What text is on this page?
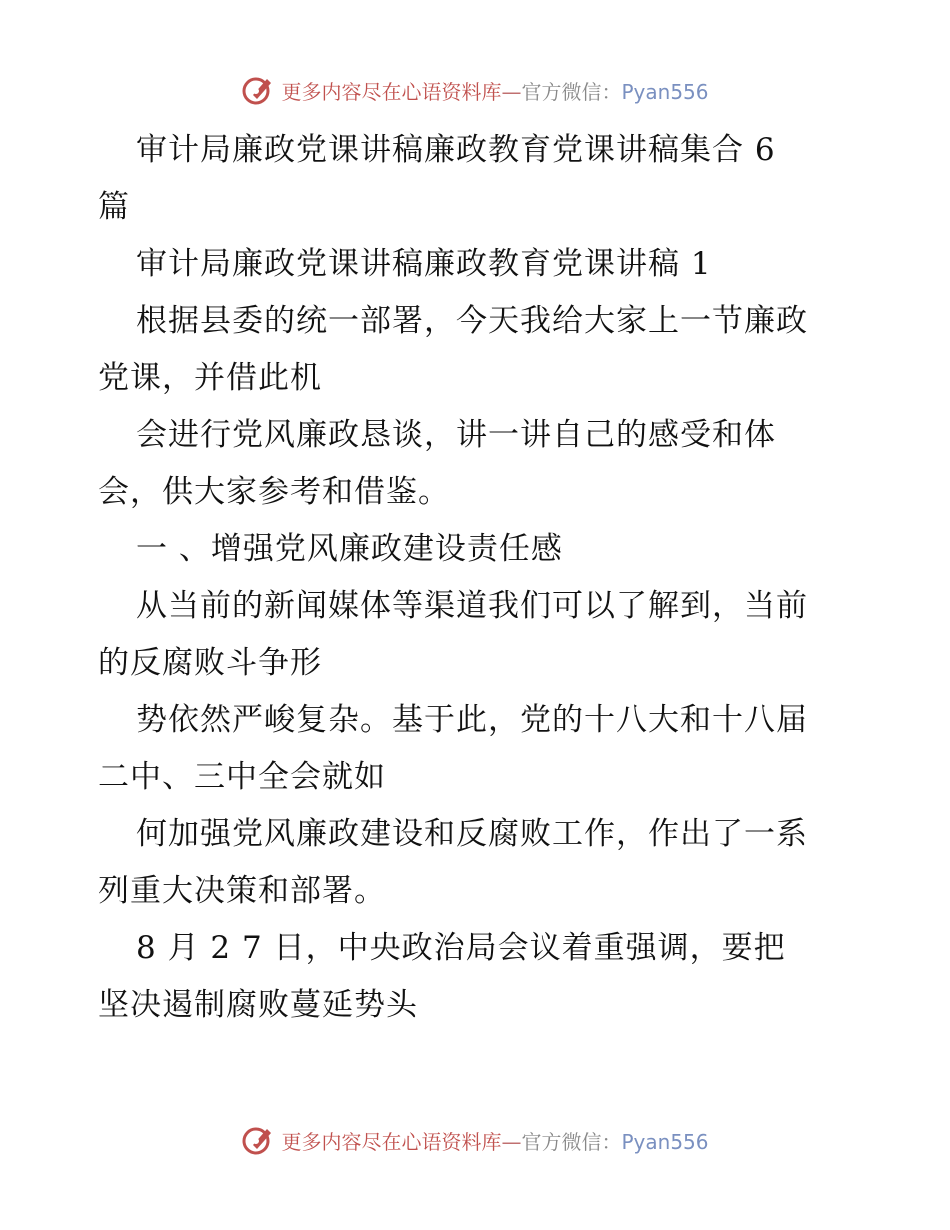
更多内容尽在心语资料库—官方微信：Pyan556
审计局廉政党课讲稿廉政教育党课讲稿集合 6
篇
审计局廉政党课讲稿廉政教育党课讲稿 1
根据县委的统一部署，今天我给大家上一节廉政
党课，并借此机
会进行党风廉政恳谈，讲一讲自己的感受和体
会，供大家参考和借鉴。
一 、增强党风廉政建设责任感
从当前的新闻媒体等渠道我们可以了解到，当前
的反腐败斗争形
势依然严峻复杂。基于此，党的十八大和十八届
二中、三中全会就如
何加强党风廉政建设和反腐败工作，作出了一系
列重大决策和部署。
8 月 2 7 日，中央政治局会议着重强调，要把
坚决遏制腐败蔓延势头
更多内容尽在心语资料库—官方微信：Pyan556
